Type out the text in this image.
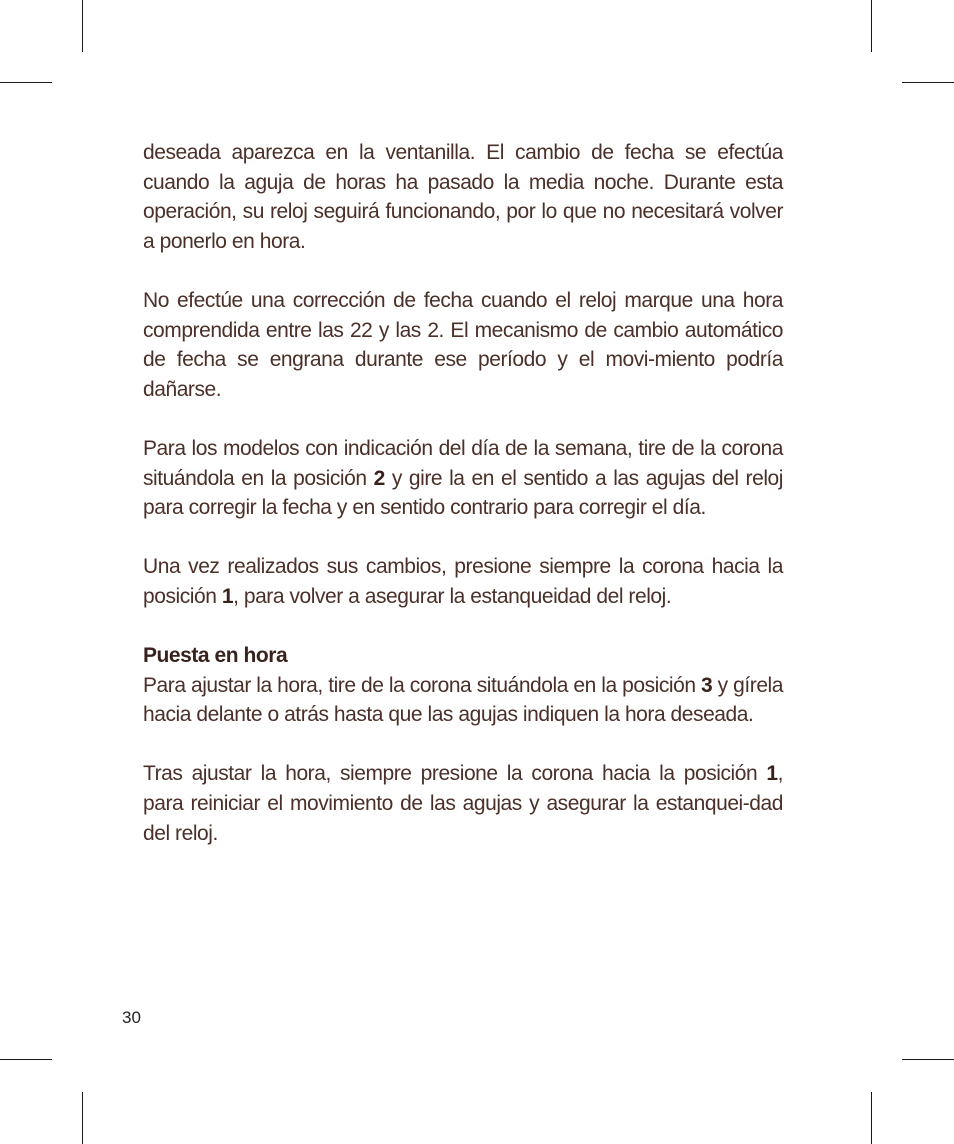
deseada aparezca en la ventanilla. El cambio de fecha se efectúa cuando la aguja de horas ha pasado la media noche. Durante esta operación, su reloj seguirá funcionando, por lo que no necesitará volver a ponerlo en hora.

No efectúe una corrección de fecha cuando el reloj marque una hora comprendida entre las 22 y las 2. El mecanismo de cambio automático de fecha se engrana durante ese período y el movi-miento podría dañarse.

Para los modelos con indicación del día de la semana, tire de la corona situándola en la posición 2 y gire la en el sentido a las agujas del reloj para corregir la fecha y en sentido contrario para corregir el día.

Una vez realizados sus cambios, presione siempre la corona hacia la posición 1, para volver a asegurar la estanqueidad del reloj.

Puesta en hora

Para ajustar la hora, tire de la corona situándola en la posición 3 y gírela hacia delante o atrás hasta que las agujas indiquen la hora deseada.

Tras ajustar la hora, siempre presione la corona hacia la posición 1, para reiniciar el movimiento de las agujas y asegurar la estanquei-dad del reloj.

30
